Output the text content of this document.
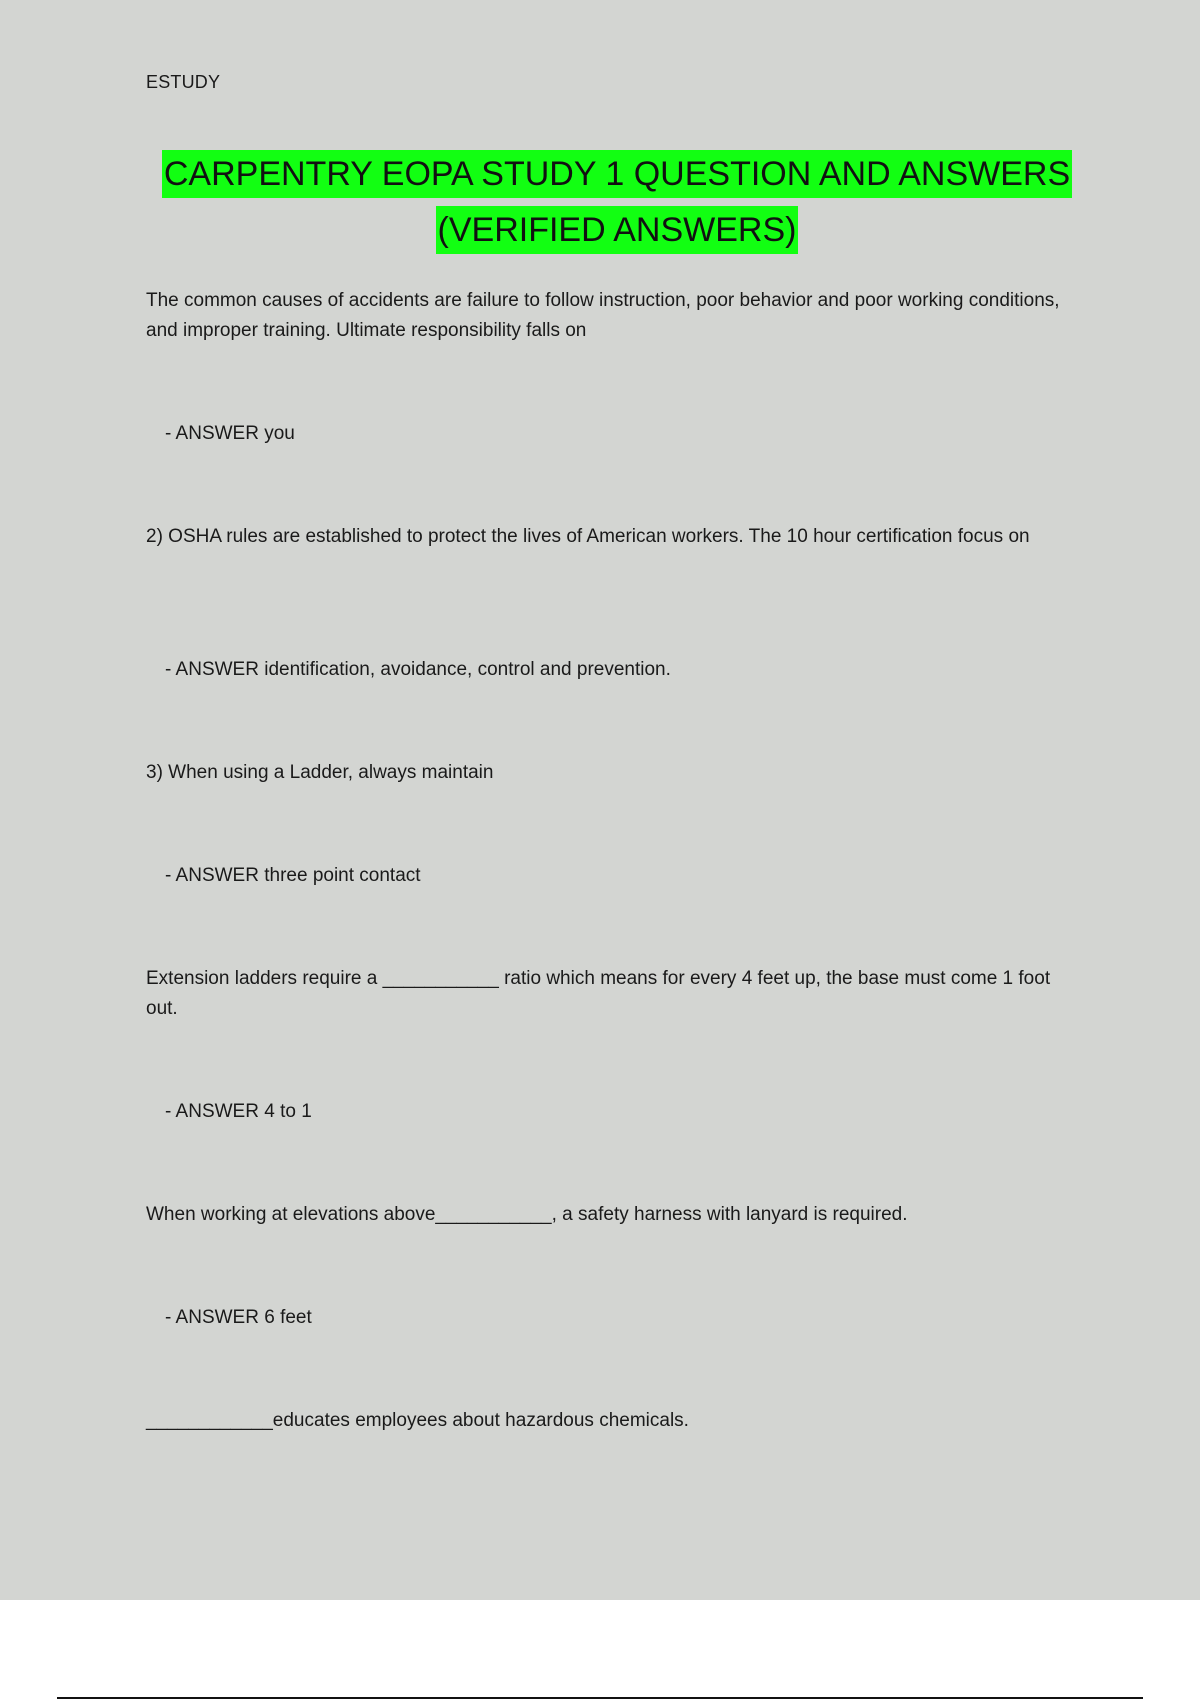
ESTUDY
CARPENTRY EOPA STUDY 1 QUESTION AND ANSWERS
(VERIFIED ANSWERS)
The common causes of accidents are failure to follow instruction, poor behavior and poor working conditions, and improper training. Ultimate responsibility falls on
- ANSWER you
2) OSHA rules are established to protect the lives of American workers. The 10 hour certification focus on
- ANSWER identification, avoidance, control and prevention.
3) When using a Ladder, always maintain
- ANSWER three point contact
Extension ladders require a ___________ ratio which means for every 4 feet up, the base must come 1 foot out.
- ANSWER 4 to 1
When working at elevations above___________, a safety harness with lanyard is required.
- ANSWER 6 feet
____________educates employees about hazardous chemicals.
